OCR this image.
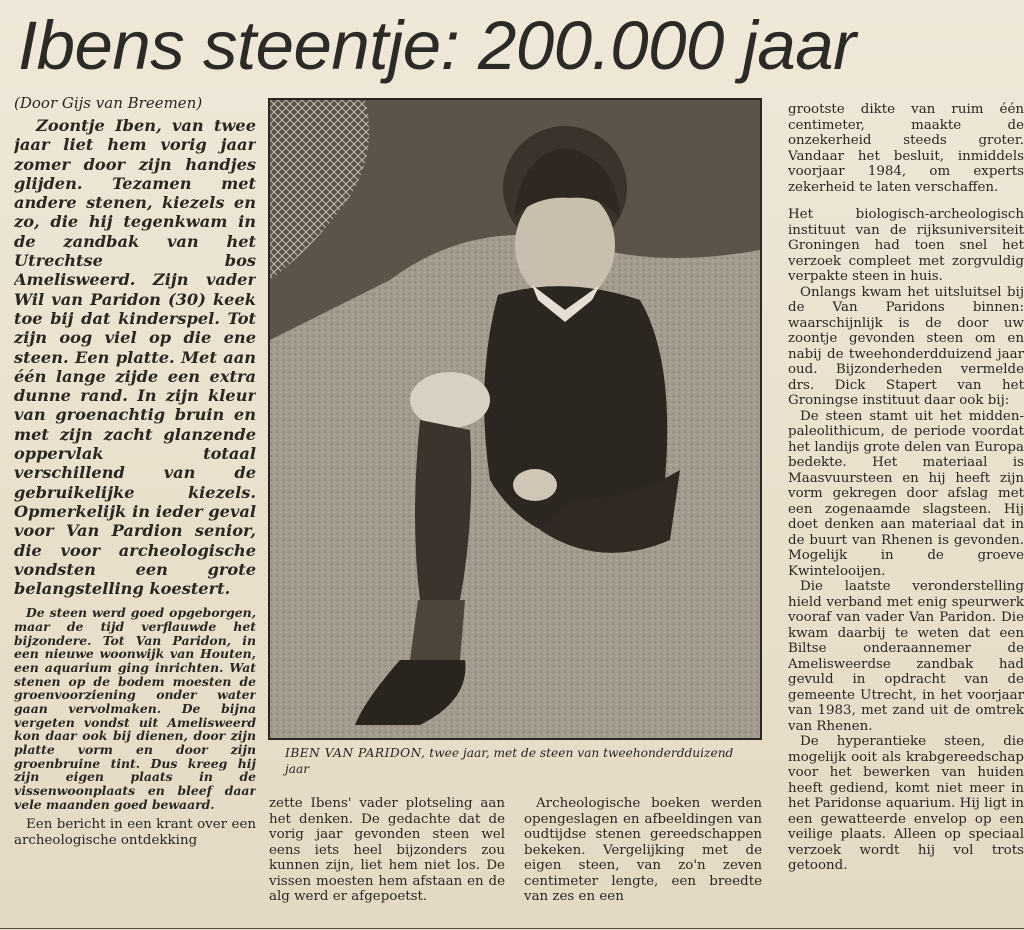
Ibens steentje: 200.000 jaar

(Door Gijs van Breemen)

Zoontje Iben, van twee jaar liet hem vorig jaar zomer door zijn handjes glijden. Tezamen met andere stenen, kiezels en zo, die hij tegenkwam in de zandbak van het Utrechtse bos Amelisweerd. Zijn vader Wil van Paridon (30) keek toe bij dat kinderspel. Tot zijn oog viel op die ene steen. Een platte. Met aan één lange zijde een extra dunne rand. In zijn kleur van groenachtig bruin en met zijn zacht glanzende oppervlak totaal verschillend van de gebruikelijke kiezels. Opmerkelijk in ieder geval voor Van Pardion senior, die voor archeologische vondsten een grote belangstelling koestert.

De steen werd goed opgeborgen, maar de tijd verflauwde het bijzondere. Tot Van Paridon, in een nieuwe woonwijk van Houten, een aquarium ging inrichten. Wat stenen op de bodem moesten de groenvoorziening onder water gaan vervolmaken. De bijna vergeten vondst uit Amelisweerd kon daar ook bij dienen, door zijn platte vorm en door zijn groenbruine tint. Dus kreeg hij zijn eigen plaats in de vissenwoonplaats en bleef daar vele maanden goed bewaard.

Een bericht in een krant over een archeologische ontdekking

IBEN VAN PARIDON, twee jaar, met de steen van tweehonderdduizend jaar

zette Ibens' vader plotseling aan het denken. De gedachte dat de vorig jaar gevonden steen wel eens iets heel bijzonders zou kunnen zijn, liet hem niet los. De vissen moesten hem afstaan en de alg werd er afgepoetst.

Archeologische boeken werden opengeslagen en afbeeldingen van oudtijdse stenen gereedschappen bekeken. Vergelijking met de eigen steen, van zo'n zeven centimeter lengte, een breedte van zes en een

grootste dikte van ruim één centimeter, maakte de onzekerheid steeds groter. Vandaar het besluit, inmiddels voorjaar 1984, om experts zekerheid te laten verschaffen.

Het biologisch-archeologisch instituut van de rijksuniversiteit Groningen had toen snel het verzoek compleet met zorgvuldig verpakte steen in huis.

Onlangs kwam het uitsluitsel bij de Van Paridons binnen: waarschijnlijk is de door uw zoontje gevonden steen om en nabij de tweehonderdduizend jaar oud. Bijzonderheden vermelde drs. Dick Stapert van het Groningse instituut daar ook bij:

De steen stamt uit het midden-paleolithicum, de periode voordat het landijs grote delen van Europa bedekte. Het materiaal is Maasvuursteen en hij heeft zijn vorm gekregen door afslag met een zogenaamde slagsteen. Hij doet denken aan materiaal dat in de buurt van Rhenen is gevonden. Mogelijk in de groeve Kwintelooijen.

Die laatste veronderstelling hield verband met enig speurwerk vooraf van vader Van Paridon. Die kwam daarbij te weten dat een Biltse onderaannemer de Amelisweerdse zandbak had gevuld in opdracht van de gemeente Utrecht, in het voorjaar van 1983, met zand uit de omtrek van Rhenen.

De hyperantieke steen, die mogelijk ooit als krabgereedschap voor het bewerken van huiden heeft gediend, komt niet meer in het Paridonse aquarium. Hij ligt in een gewatteerde envelop op een veilige plaats. Alleen op speciaal verzoek wordt hij vol trots getoond.
